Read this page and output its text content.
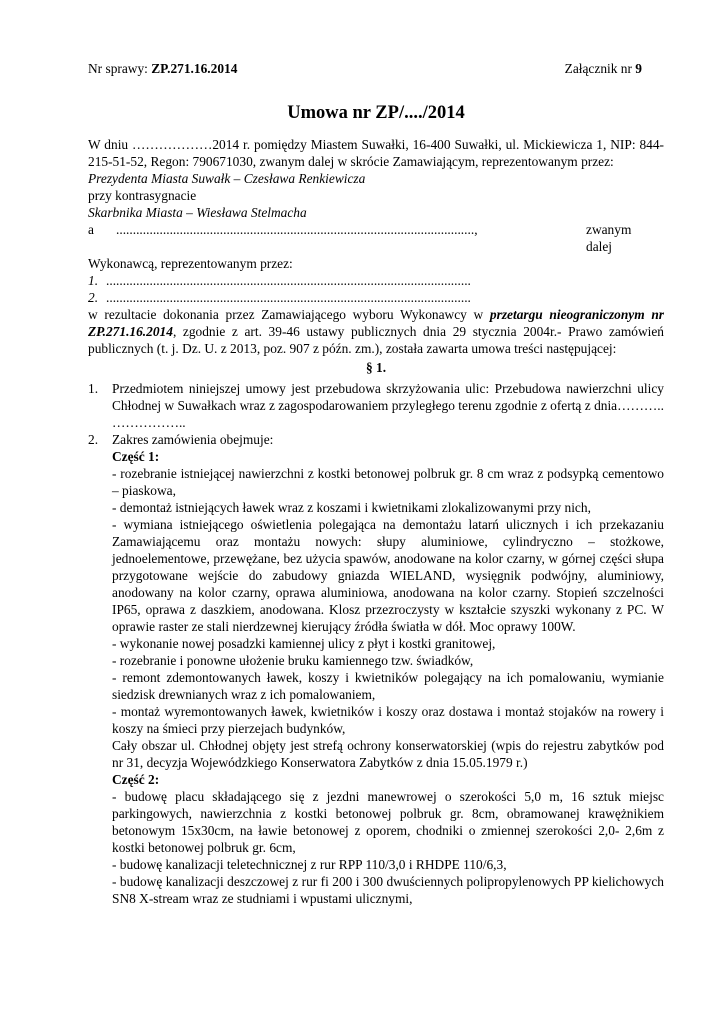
Nr sprawy: ZP.271.16.2014	Załącznik nr 9
Umowa nr ZP/..../2014
W dniu ………………2014 r. pomiędzy Miastem Suwałki, 16-400 Suwałki, ul. Mickiewicza 1, NIP: 844-215-51-52, Regon: 790671030, zwanym dalej w skrócie Zamawiającym, reprezentowanym przez:
Prezydenta Miasta Suwałk – Czesława Renkiewicza
przy kontrasygnacie
Skarbnika Miasta – Wiesława Stelmacha
a	...........................................................................................................,	zwanym dalej
Wykonawcą, reprezentowanym przez:
1. .............................................................................................................
2. .............................................................................................................
w rezultacie dokonania przez Zamawiającego wyboru Wykonawcy w przetargu nieograniczonym nr ZP.271.16.2014, zgodnie z art. 39-46 ustawy publicznych dnia 29 stycznia 2004r.- Prawo zamówień publicznych (t. j. Dz. U. z 2013, poz. 907 z późn. zm.), została zawarta umowa treści następującej:
§ 1.
1. Przedmiotem niniejszej umowy jest przebudowa skrzyżowania ulic: Przebudowa nawierzchni ulicy Chłodnej w Suwałkach wraz z zagospodarowaniem przyległego terenu zgodnie z ofertą z dnia……….. ……………..
2. Zakres zamówienia obejmuje:
Część 1:
- rozebranie istniejącej nawierzchni z kostki betonowej polbruk gr. 8 cm wraz z podsypką cementowo – piaskowa,
- demontaż istniejących ławek wraz z koszami i kwietnikami zlokalizowanymi przy nich,
- wymiana istniejącego oświetlenia polegająca na demontażu latarń ulicznych i ich przekazaniu Zamawiającemu oraz montażu nowych: słupy aluminiowe, cylindryczno – stożkowe, jednoelementowe, przewężane, bez użycia spawów, anodowane na kolor czarny, w górnej części słupa przygotowane wejście do zabudowy gniazda WIELAND, wysięgnik podwójny, aluminiowy, anodowany na kolor czarny, oprawa aluminiowa, anodowana na kolor czarny. Stopień szczelności IP65, oprawa z daszkiem, anodowana. Klosz przezroczysty w kształcie szyszki wykonany z PC. W oprawie raster ze stali nierdzewnej kierujący źródła światła w dół. Moc oprawy 100W.
- wykonanie nowej posadzki kamiennej ulicy z płyt i kostki granitowej,
- rozebranie i ponowne ułożenie bruku kamiennego tzw. świadków,
- remont zdemontowanych ławek, koszy i kwietników polegający na ich pomalowaniu, wymianie siedzisk drewnianych wraz z ich pomalowaniem,
- montaż wyremontowanych ławek, kwietników i koszy oraz dostawa i montaż stojaków na rowery i koszy na śmieci przy pierzejach budynków,
Cały obszar ul. Chłodnej objęty jest strefą ochrony konserwatorskiej (wpis do rejestru zabytków pod nr 31, decyzja Wojewódzkiego Konserwatora Zabytków z dnia 15.05.1979 r.)
Część 2:
- budowę placu składającego się z jezdni manewrowej o szerokości 5,0 m, 16 sztuk miejsc parkingowych, nawierzchnia z kostki betonowej polbruk gr. 8cm, obramowanej krawężnikiem betonowym 15x30cm, na ławie betonowej z oporem, chodniki o zmiennej szerokości 2,0- 2,6m z kostki betonowej polbruk gr. 6cm,
- budowę kanalizacji teletechnicznej z rur RPP 110/3,0 i RHDPE 110/6,3,
- budowę kanalizacji deszczowej z rur fi 200 i 300 dwuściennych polipropylenowych PP kielichowych SN8 X-stream wraz ze studniami i wpustami ulicznymi,
